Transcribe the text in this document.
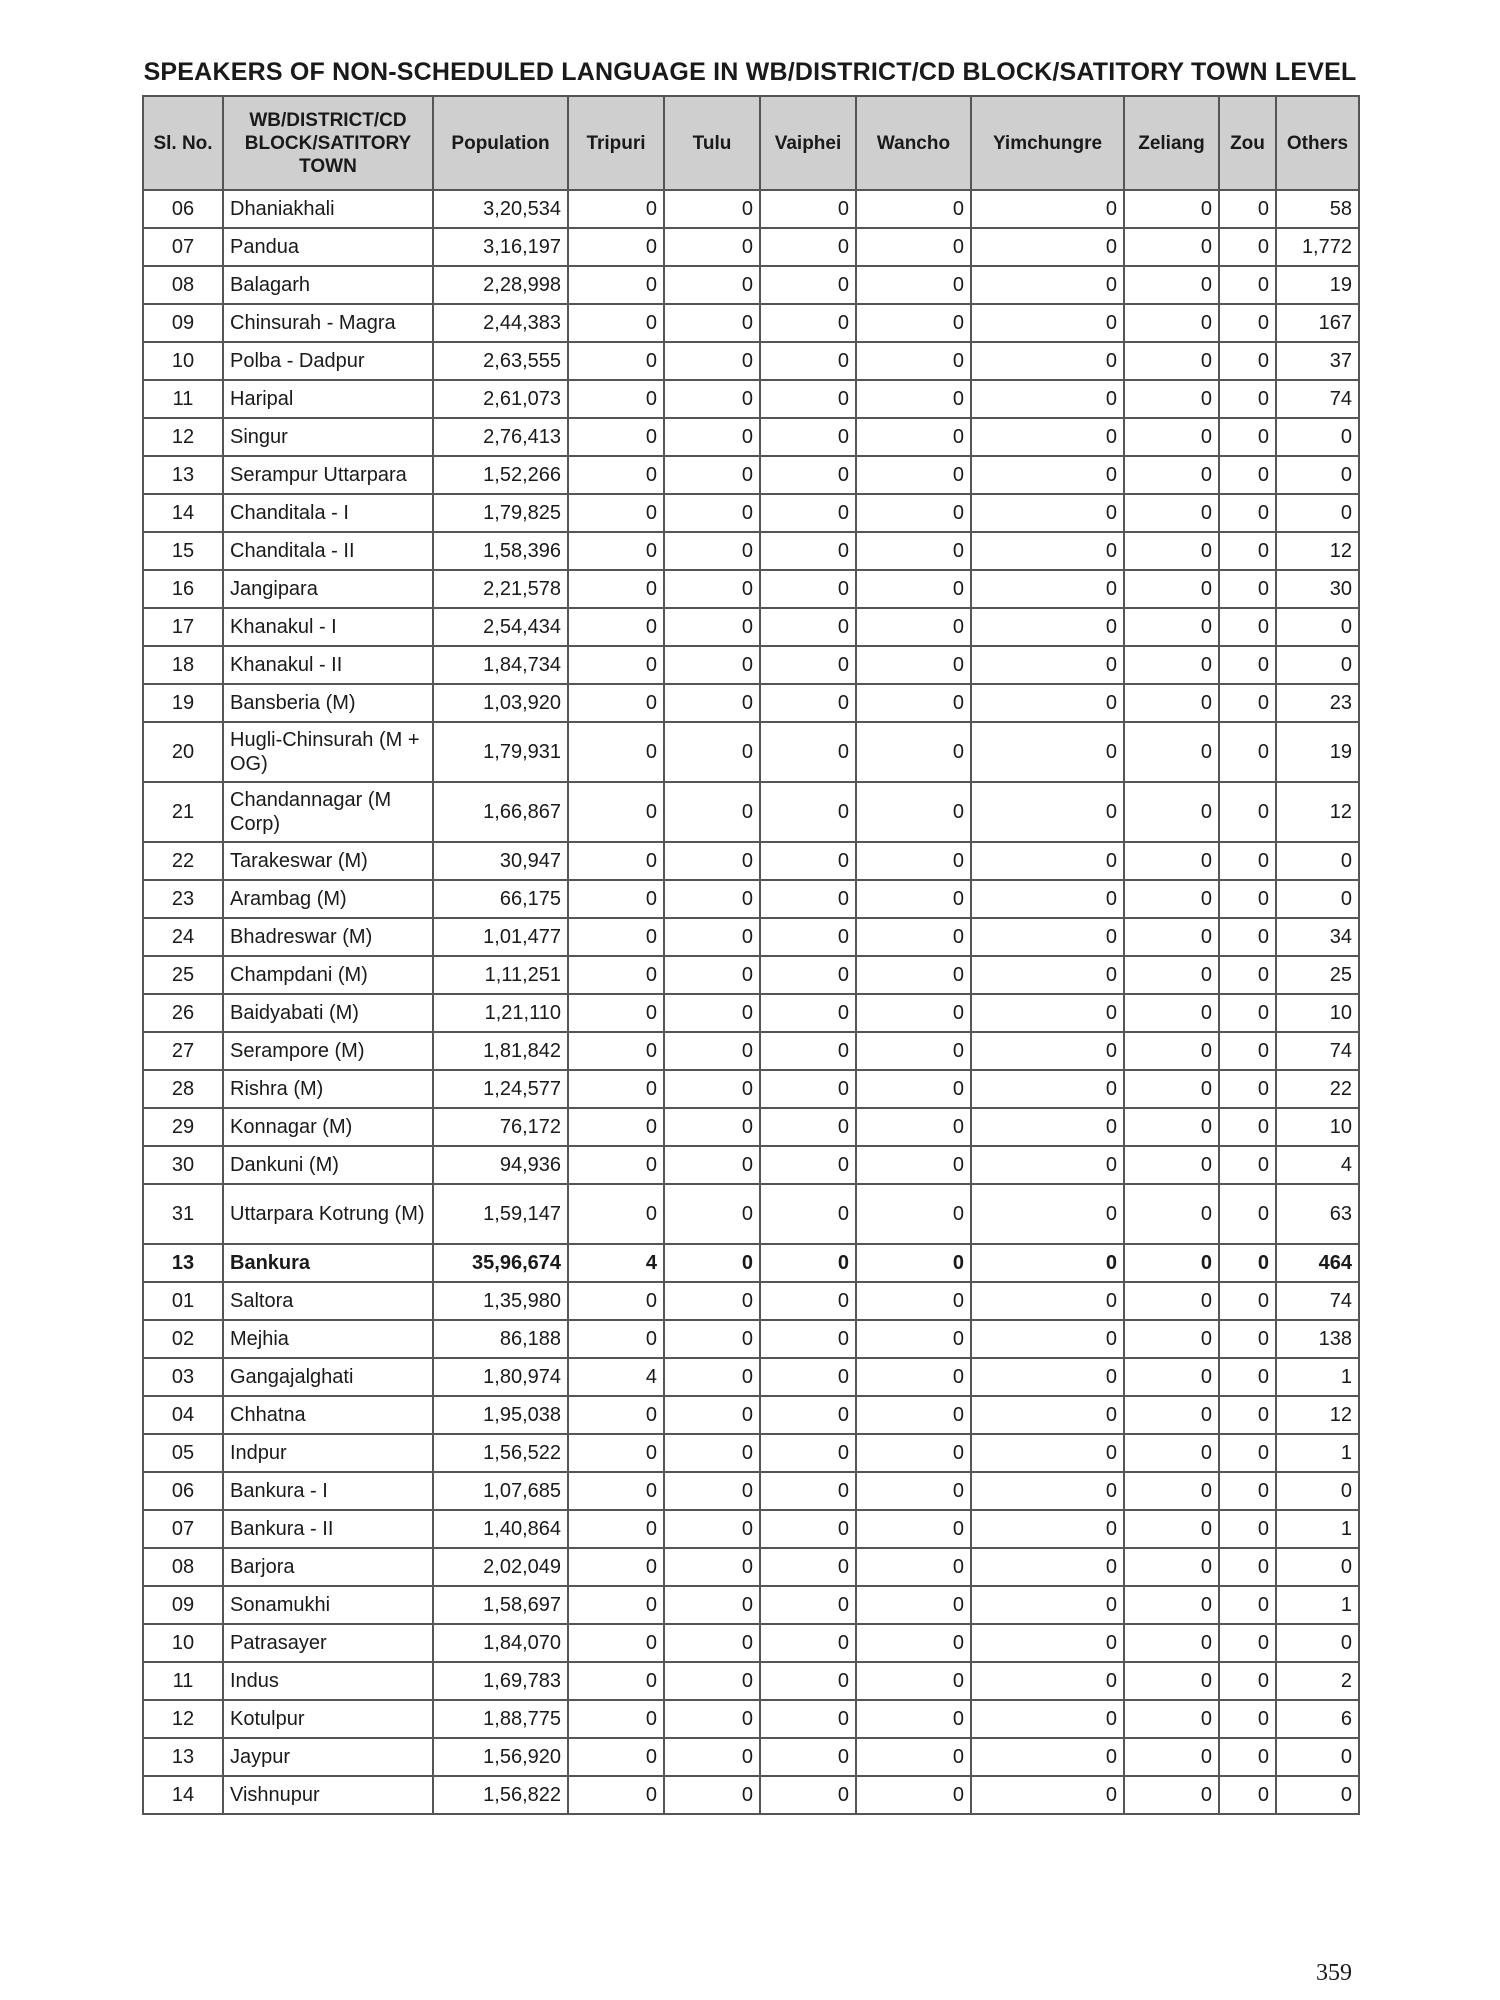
SPEAKERS OF NON-SCHEDULED LANGUAGE IN WB/DISTRICT/CD BLOCK/SATITORY TOWN LEVEL
Sl. No.	WB/DISTRICT/CD BLOCK/SATITORY TOWN	Population	Tripuri	Tulu	Vaiphei	Wancho	Yimchungre	Zeliang	Zou	Others
06	Dhaniakhali	3,20,534	0	0	0	0	0	0	0	58
07	Pandua	3,16,197	0	0	0	0	0	0	0	1,772
08	Balagarh	2,28,998	0	0	0	0	0	0	0	19
09	Chinsurah - Magra	2,44,383	0	0	0	0	0	0	0	167
10	Polba - Dadpur	2,63,555	0	0	0	0	0	0	0	37
11	Haripal	2,61,073	0	0	0	0	0	0	0	74
12	Singur	2,76,413	0	0	0	0	0	0	0	0
13	Serampur Uttarpara	1,52,266	0	0	0	0	0	0	0	0
14	Chanditala - I	1,79,825	0	0	0	0	0	0	0	0
15	Chanditala - II	1,58,396	0	0	0	0	0	0	0	12
16	Jangipara	2,21,578	0	0	0	0	0	0	0	30
17	Khanakul - I	2,54,434	0	0	0	0	0	0	0	0
18	Khanakul - II	1,84,734	0	0	0	0	0	0	0	0
19	Bansberia (M)	1,03,920	0	0	0	0	0	0	0	23
20	Hugli-Chinsurah (M + OG)	1,79,931	0	0	0	0	0	0	0	19
21	Chandannagar (M Corp)	1,66,867	0	0	0	0	0	0	0	12
22	Tarakeswar (M)	30,947	0	0	0	0	0	0	0	0
23	Arambag (M)	66,175	0	0	0	0	0	0	0	0
24	Bhadreswar (M)	1,01,477	0	0	0	0	0	0	0	34
25	Champdani (M)	1,11,251	0	0	0	0	0	0	0	25
26	Baidyabati (M)	1,21,110	0	0	0	0	0	0	0	10
27	Serampore (M)	1,81,842	0	0	0	0	0	0	0	74
28	Rishra (M)	1,24,577	0	0	0	0	0	0	0	22
29	Konnagar (M)	76,172	0	0	0	0	0	0	0	10
30	Dankuni (M)	94,936	0	0	0	0	0	0	0	4
31	Uttarpara Kotrung (M)	1,59,147	0	0	0	0	0	0	0	63
13	Bankura	35,96,674	4	0	0	0	0	0	0	464
01	Saltora	1,35,980	0	0	0	0	0	0	0	74
02	Mejhia	86,188	0	0	0	0	0	0	0	138
03	Gangajalghati	1,80,974	4	0	0	0	0	0	0	1
04	Chhatna	1,95,038	0	0	0	0	0	0	0	12
05	Indpur	1,56,522	0	0	0	0	0	0	0	1
06	Bankura - I	1,07,685	0	0	0	0	0	0	0	0
07	Bankura - II	1,40,864	0	0	0	0	0	0	0	1
08	Barjora	2,02,049	0	0	0	0	0	0	0	0
09	Sonamukhi	1,58,697	0	0	0	0	0	0	0	1
10	Patrasayer	1,84,070	0	0	0	0	0	0	0	0
11	Indus	1,69,783	0	0	0	0	0	0	0	2
12	Kotulpur	1,88,775	0	0	0	0	0	0	0	6
13	Jaypur	1,56,920	0	0	0	0	0	0	0	0
14	Vishnupur	1,56,822	0	0	0	0	0	0	0	0
359
